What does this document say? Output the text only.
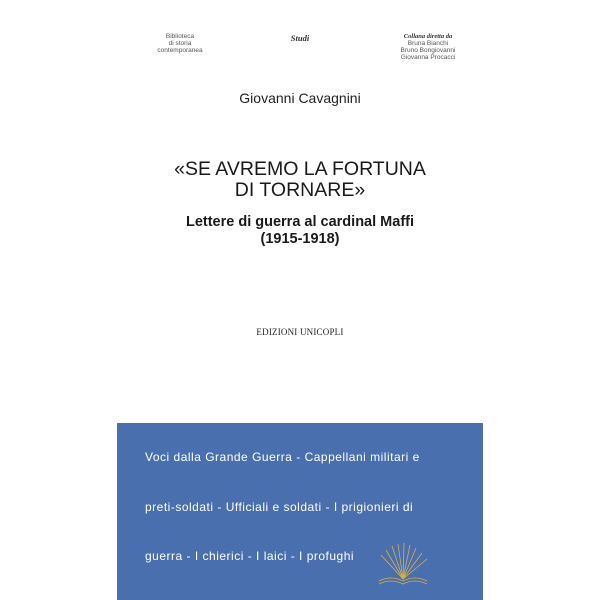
Biblioteca
di storia
contemporanea
Studi	Collana diretta da
Bruna Bianchi
Bruno Bongiovanni
Giovanna Procacci
Giovanni Cavagnini
«SE AVREMO LA FORTUNA
DI TORNARE»
Lettere di guerra al cardinal Maffi
(1915-1918)
EDIZIONI UNICOPLI
Voci dalla Grande Guerra - Cappellani militari e
preti-soldati - Ufficiali e soldati - I prigionieri di
guerra - I chierici - I laici - I profughi
